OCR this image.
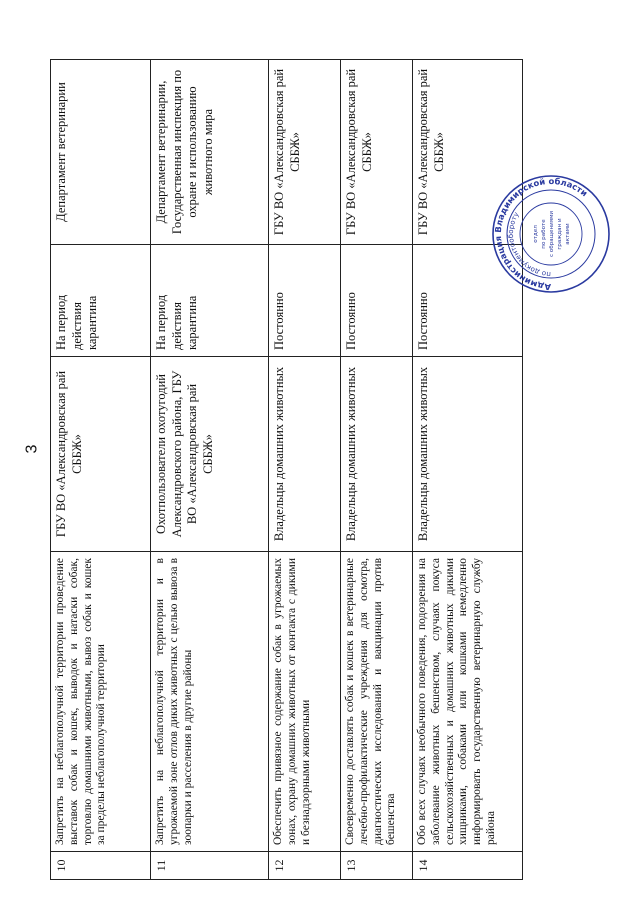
3
10	Запретить на неблагополучной территории проведение выставок собак и кошек, выводок и натаски собак, торговлю домашними животными, вывоз собак и кошек за пределы неблагополучной территории	ГБУ ВО «Александровская рай СББЖ»	На период действия карантина	Департамент ветеринарии
11	Запретить на неблагополучной территории и в угрожаемой зоне отлов диких животных с целью вывоза в зоопарки и расселения в другие районы	Охотпользователи охотугодий Александровского района, ГБУ ВО «Александровская рай СББЖ»	На период действия карантина	Департамент ветеринарии, Государственная инспекция по охране и использованию животного мира
12	Обеспечить привязное содержание собак в угрожаемых зонах, охрану домашних животных от контакта с дикими и безнадзорными животными	Владельцы домашних животных	Постоянно	ГБУ ВО «Александровская рай СББЖ»
13	Своевременно доставлять собак и кошек в ветеринарные лечебно-профилактические учреждения для осмотра, диагностических исследований и вакцинации против бешенства	Владельцы домашних животных	Постоянно	ГБУ ВО «Александровская рай СББЖ»
14	Обо всех случаях необычного поведения, подозрения на заболевание животных бешенством, случаях покуса сельскохозяйственных и домашних животных дикими хищниками, собаками или кошками немедленно информировать государственную ветеринарную службу района	Владельцы домашних животных	Постоянно	ГБУ ВО «Александровская рай СББЖ»
Администрация Владимирской области
по документообороту
отдел по работе с обращениями граждан и актами
